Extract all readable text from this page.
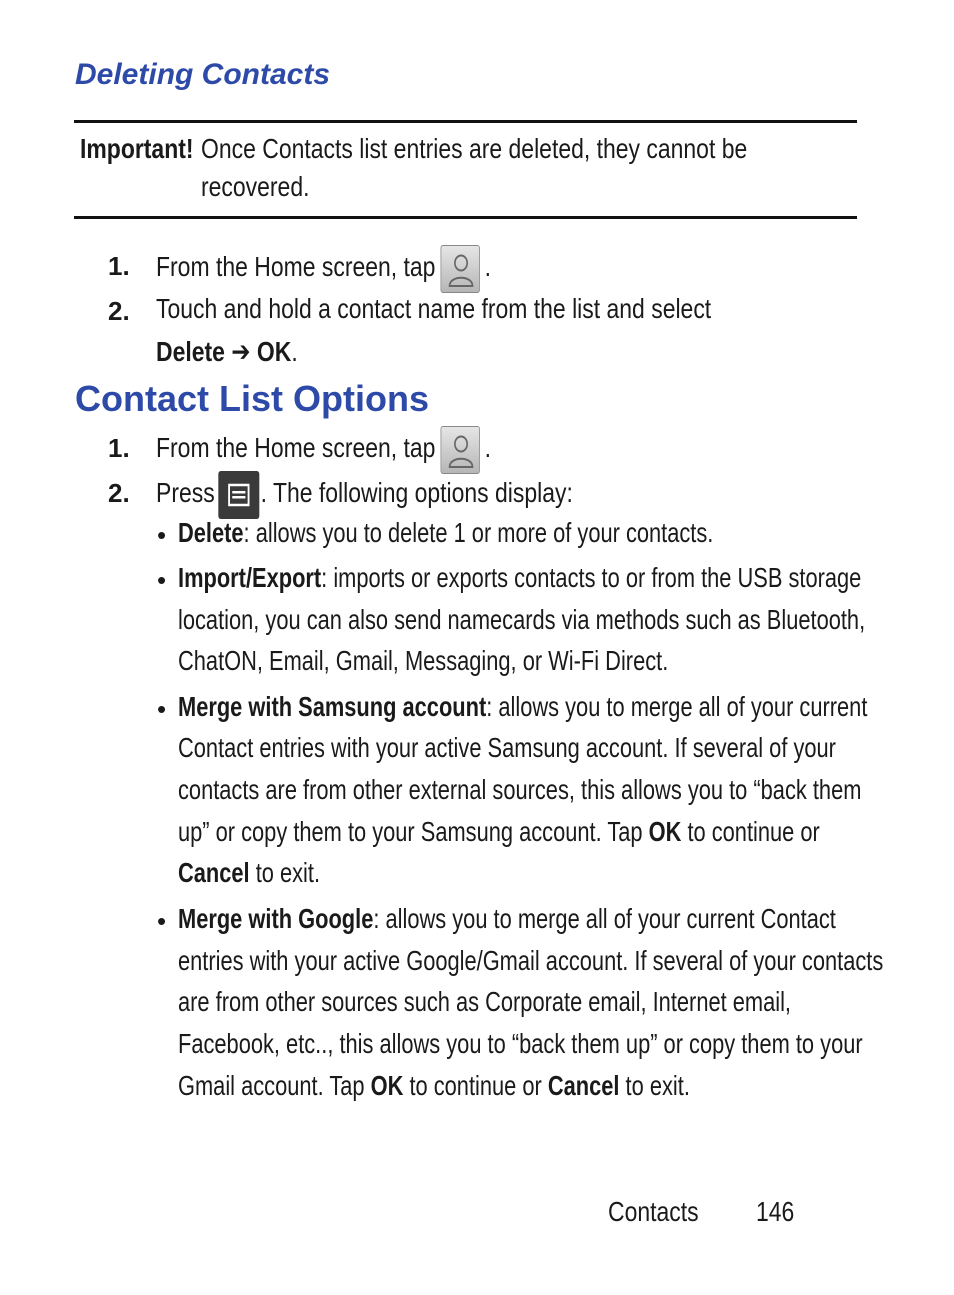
Deleting Contacts
Important! Once Contacts list entries are deleted, they cannot be
recovered.
1. From the Home screen, tap .
2. Touch and hold a contact name from the list and select
Delete ➔ OK.
Contact List Options
1. From the Home screen, tap .
2. Press . The following options display:
• Delete: allows you to delete 1 or more of your contacts.
• Import/Export: imports or exports contacts to or from the USB storage
location, you can also send namecards via methods such as Bluetooth,
ChatON, Email, Gmail, Messaging, or Wi-Fi Direct.
• Merge with Samsung account: allows you to merge all of your current
Contact entries with your active Samsung account. If several of your
contacts are from other external sources, this allows you to “back them
up” or copy them to your Samsung account. Tap OK to continue or
Cancel to exit.
• Merge with Google: allows you to merge all of your current Contact
entries with your active Google/Gmail account. If several of your contacts
are from other sources such as Corporate email, Internet email,
Facebook, etc.., this allows you to “back them up” or copy them to your
Gmail account. Tap OK to continue or Cancel to exit.
Contacts	146
